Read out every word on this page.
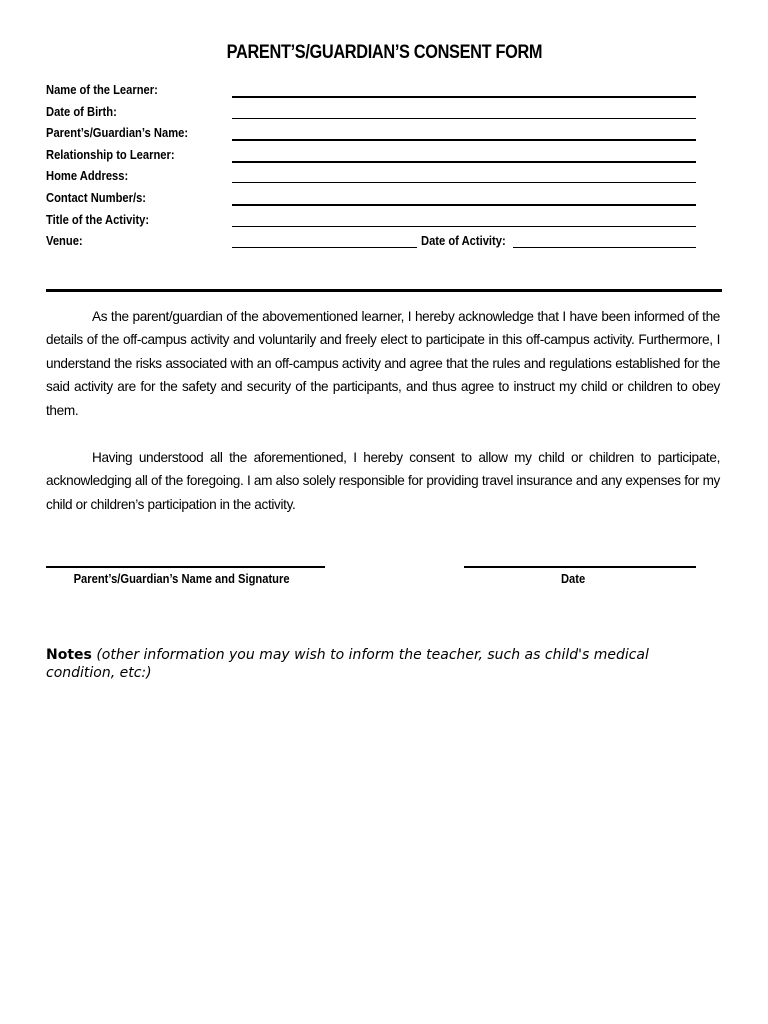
PARENT’S/GUARDIAN’S CONSENT FORM
Name of the Learner:
Date of Birth:
Parent’s/Guardian’s Name:
Relationship to Learner:
Home Address:
Contact Number/s:
Title of the Activity:
Venue:	Date of Activity:
As the parent/guardian of the abovementioned learner, I hereby acknowledge that I have been informed of the details of the off-campus activity and voluntarily and freely elect to participate in this off-campus activity. Furthermore, I understand the risks associated with an off-campus activity and agree that the rules and regulations established for the said activity are for the safety and security of the participants, and thus agree to instruct my child or children to obey them.
Having understood all the aforementioned, I hereby consent to allow my child or children to participate, acknowledging all of the foregoing. I am also solely responsible for providing travel insurance and any expenses for my child or children’s participation in the activity.
Parent’s/Guardian’s Name and Signature	Date
Notes (other information you may wish to inform the teacher, such as child's medical condition, etc:)
